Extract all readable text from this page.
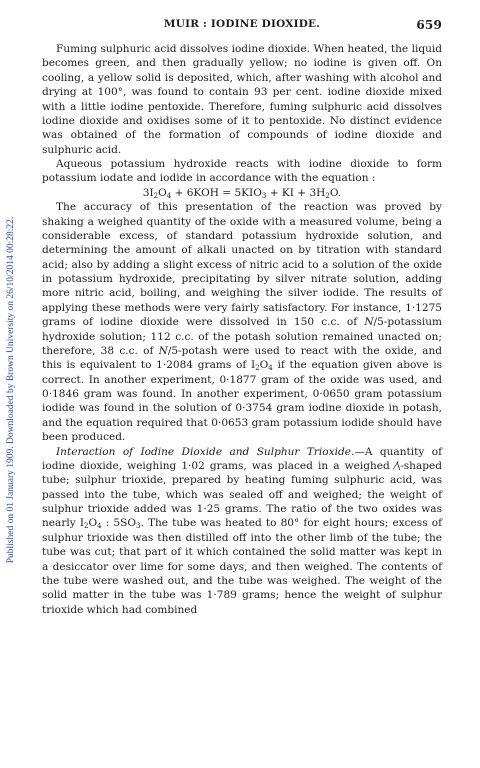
MUIR : IODINE DIOXIDE.	659
Published on 01 January 1909. Downloaded by Brown University on 26/10/2014 00:28:22.

Fuming sulphuric acid dissolves iodine dioxide. When heated, the liquid becomes green, and then gradually yellow; no iodine is given off. On cooling, a yellow solid is deposited, which, after washing with alcohol and drying at 100°, was found to contain 93 per cent. iodine dioxide mixed with a little iodine pentoxide. Therefore, fuming sulphuric acid dissolves iodine dioxide and oxidises some of it to pentoxide. No distinct evidence was obtained of the formation of compounds of iodine dioxide and sulphuric acid.

Aqueous potassium hydroxide reacts with iodine dioxide to form potassium iodate and iodide in accordance with the equation :

$3I_2O_4 + 6KOH = 5KIO_3$ + KI + $3H_2O$.

The accuracy of this presentation of the reaction was proved by shaking a weighed quantity of the oxide with a measured volume, being a considerable excess, of standard potassium hydroxide solution, and determining the amount of alkali unacted on by titration with standard acid; also by adding a slight excess of nitric acid to a solution of the oxide in potassium hydroxide, precipitating by silver nitrate solution, adding more nitric acid, boiling, and weighing the silver iodide. The results of applying these methods were very fairly satisfactory. For instance, 1·1275 grams of iodine dioxide were dissolved in 150 c.c. of N/5-potassium hydroxide solution; 112 c.c. of the potash solution remained unacted on; therefore, 38 c.c. of N/5-potash were used to react with the oxide, and this is equivalent to 1·2084 grams of $I_2O_4$ if the equation given above is correct. In another experiment, 0·1877 gram of the oxide was used, and 0·1846 gram was found. In another experiment, 0·0650 gram potassium iodide was found in the solution of 0·3754 gram iodine dioxide in potash, and the equation required that 0·0653 gram potassium iodide should have been produced.

Interaction of Iodine Dioxide and Sulphur Trioxide.—A quantity of iodine dioxide, weighing 1·02 grams, was placed in a weighed ⁄\-shaped tube; sulphur trioxide, prepared by heating fuming sulphuric acid, was passed into the tube, which was sealed off and weighed; the weight of sulphur trioxide added was 1·25 grams. The ratio of the two oxides was nearly $I_2O_4$ : $5SO_3$. The tube was heated to 80° for eight hours; excess of sulphur trioxide was then distilled off into the other limb of the tube; the tube was cut; that part of it which contained the solid matter was kept in a desiccator over lime for some days, and then weighed. The contents of the tube were washed out, and the tube was weighed. The weight of the solid matter in the tube was 1·789 grams; hence the weight of sulphur trioxide which had combined
